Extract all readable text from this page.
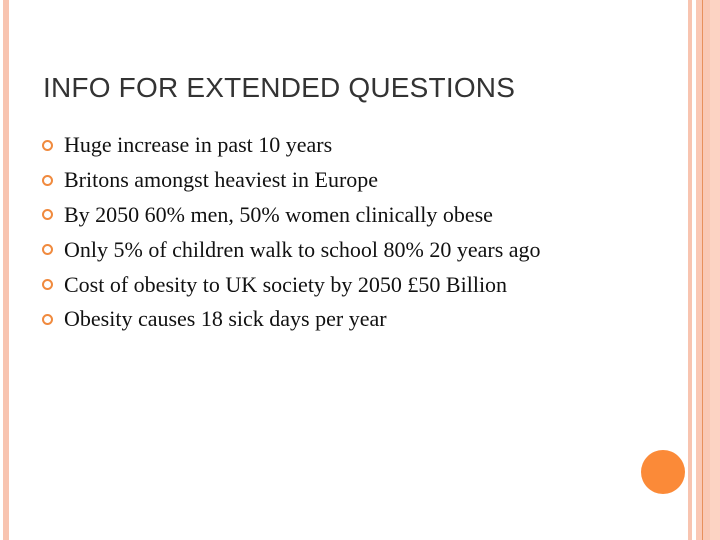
INFO FOR EXTENDED QUESTIONS
Huge increase in past 10 years
Britons amongst heaviest in Europe
By 2050 60% men, 50% women clinically obese
Only 5% of children walk to school 80% 20 years ago
Cost of obesity to UK society by 2050 £50 Billion
Obesity causes 18 sick days per year
